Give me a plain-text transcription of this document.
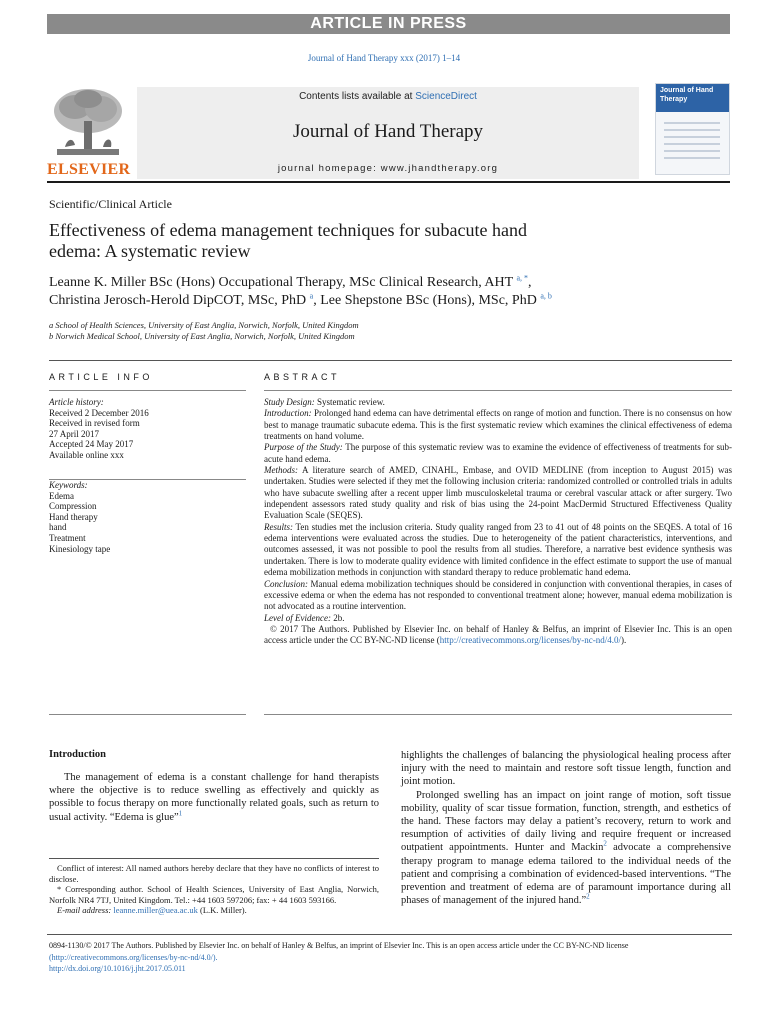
ARTICLE IN PRESS
Journal of Hand Therapy xxx (2017) 1–14
ELSEVIER
Contents lists available at ScienceDirect
Journal of Hand Therapy
journal homepage: www.jhandtherapy.org
Journal of Hand Therapy
Scientific/Clinical Article
Effectiveness of edema management techniques for subacute hand
edema: A systematic review
Leanne K. Miller BSc (Hons) Occupational Therapy, MSc Clinical Research, AHT $^{a, *}$,
Christina Jerosch-Herold DipCOT, MSc, PhD $^a$, Lee Shepstone BSc (Hons), MSc, PhD $^{a, b}$
a School of Health Sciences, University of East Anglia, Norwich, Norfolk, United Kingdom
b Norwich Medical School, University of East Anglia, Norwich, Norfolk, United Kingdom
ARTICLE INFO	ABSTRACT
Article history:
Received 2 December 2016
Received in revised form
27 April 2017
Accepted 24 May 2017
Available online xxx
Keywords:
Edema
Compression
Hand therapy
hand
Treatment
Kinesiology tape

Study Design: Systematic review.

Introduction: Prolonged hand edema can have detrimental effects on range of motion and function. There is no consensus on how best to manage traumatic subacute edema. This is the first systematic review which examines the clinical effectiveness of edema treatments on hand volume.

Purpose of the Study: The purpose of this systematic review was to examine the evidence of effectiveness of treatments for sub-acute hand edema.

Methods: A literature search of AMED, CINAHL, Embase, and OVID MEDLINE (from inception to August 2015) was undertaken. Studies were selected if they met the following inclusion criteria: randomized controlled or controlled trials in adults who have subacute swelling after a recent upper limb musculoskeletal trauma or cerebral vascular attack or after surgery. Two independent assessors rated study quality and risk of bias using the 24-point MacDermid Structured Effectiveness Quality Evaluation Scale (SEQES).

Results: Ten studies met the inclusion criteria. Study quality ranged from 23 to 41 out of 48 points on the SEQES. A total of 16 edema interventions were evaluated across the studies. Due to heterogeneity of the patient characteristics, interventions, and outcomes assessed, it was not possible to pool the results from all studies. Therefore, a narrative best evidence synthesis was undertaken. There is low to moderate quality evidence with limited confidence in the effect estimate to support the use of manual edema mobilization methods in conjunction with standard therapy to reduce problematic hand edema.

Conclusion: Manual edema mobilization techniques should be considered in conjunction with conventional therapies, in cases of excessive edema or when the edema has not responded to conventional treatment alone; however, manual edema mobilization is not advocated as a routine intervention.

Level of Evidence: 2b.

© 2017 The Authors. Published by Elsevier Inc. on behalf of Hanley & Belfus, an imprint of Elsevier Inc. This is an open access article under the CC BY-NC-ND license (http://creativecommons.org/licenses/by-nc-nd/4.0/).

Introduction

The management of edema is a constant challenge for hand therapists where the objective is to reduce swelling as effectively and quickly as possible to focus therapy on more functionally related goals, such as return to usual activity. “Edema is glue”$^1$

Conflict of interest: All named authors hereby declare that they have no conflicts of interest to disclose.

* Corresponding author. School of Health Sciences, University of East Anglia, Norwich, Norfolk NR4 7TJ, United Kingdom. Tel.: +44 1603 597206; fax: + 44 1603 593166.

E-mail address: leanne.miller@uea.ac.uk (L.K. Miller).

highlights the challenges of balancing the physiological healing process after injury with the need to maintain and restore soft tissue length, function and joint motion.

Prolonged swelling has an impact on joint range of motion, soft tissue mobility, quality of scar tissue formation, function, strength, and esthetics of the hand. These factors may delay a patient’s recovery, return to work and resumption of activities of daily living and require frequent or increased outpatient appointments. Hunter and Mackin$^2$ advocate a comprehensive therapy program to manage edema tailored to the individual needs of the patient and comprising a combination of evidenced-based interventions. “The prevention and treatment of edema are of paramount importance during all phases of management of the injured hand.”$^2$

0894-1130/© 2017 The Authors. Published by Elsevier Inc. on behalf of Hanley & Belfus, an imprint of Elsevier Inc. This is an open access article under the CC BY-NC-ND license
(http://creativecommons.org/licenses/by-nc-nd/4.0/).
http://dx.doi.org/10.1016/j.jht.2017.05.011
